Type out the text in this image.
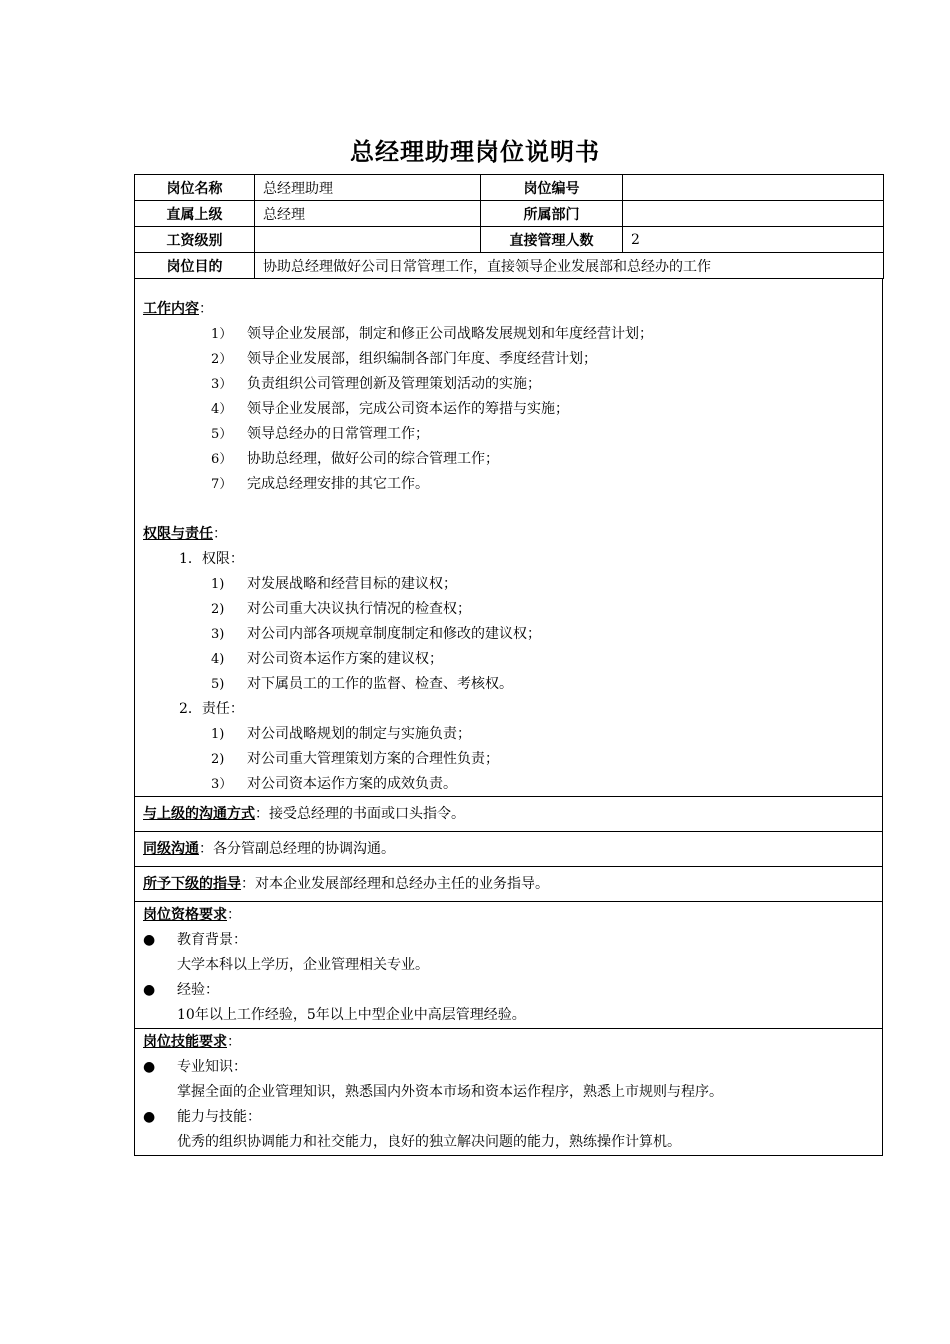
总经理助理岗位说明书
岗位名称	总经理助理	岗位编号	
直属上级	总经理	所属部门	
工资级别		直接管理人数	2
岗位目的	协助总经理做好公司日常管理工作，直接领导企业发展部和总经办的工作		
工作内容：
1） 领导企业发展部，制定和修正公司战略发展规划和年度经营计划；
2） 领导企业发展部，组织编制各部门年度、季度经营计划；
3） 负责组织公司管理创新及管理策划活动的实施；
4） 领导企业发展部，完成公司资本运作的筹措与实施；
5） 领导总经办的日常管理工作；
6） 协助总经理，做好公司的综合管理工作；
7） 完成总经理安排的其它工作。
权限与责任：
1．权限：
1) 对发展战略和经营目标的建议权；
2) 对公司重大决议执行情况的检查权；
3) 对公司内部各项规章制度制定和修改的建议权；
4) 对公司资本运作方案的建议权；
5) 对下属员工的工作的监督、检查、考核权。
2．责任：
1) 对公司战略规划的制定与实施负责；
2) 对公司重大管理策划方案的合理性负责；
3） 对公司资本运作方案的成效负责。
与上级的沟通方式：接受总经理的书面或口头指令。
同级沟通：各分管副总经理的协调沟通。
所予下级的指导：对本企业发展部经理和总经办主任的业务指导。
岗位资格要求：
● 教育背景：
大学本科以上学历，企业管理相关专业。
● 经验：
10年以上工作经验，5年以上中型企业中高层管理经验。
岗位技能要求：
● 专业知识：
掌握全面的企业管理知识，熟悉国内外资本市场和资本运作程序，熟悉上市规则与程序。
● 能力与技能：
优秀的组织协调能力和社交能力，良好的独立解决问题的能力，熟练操作计算机。
